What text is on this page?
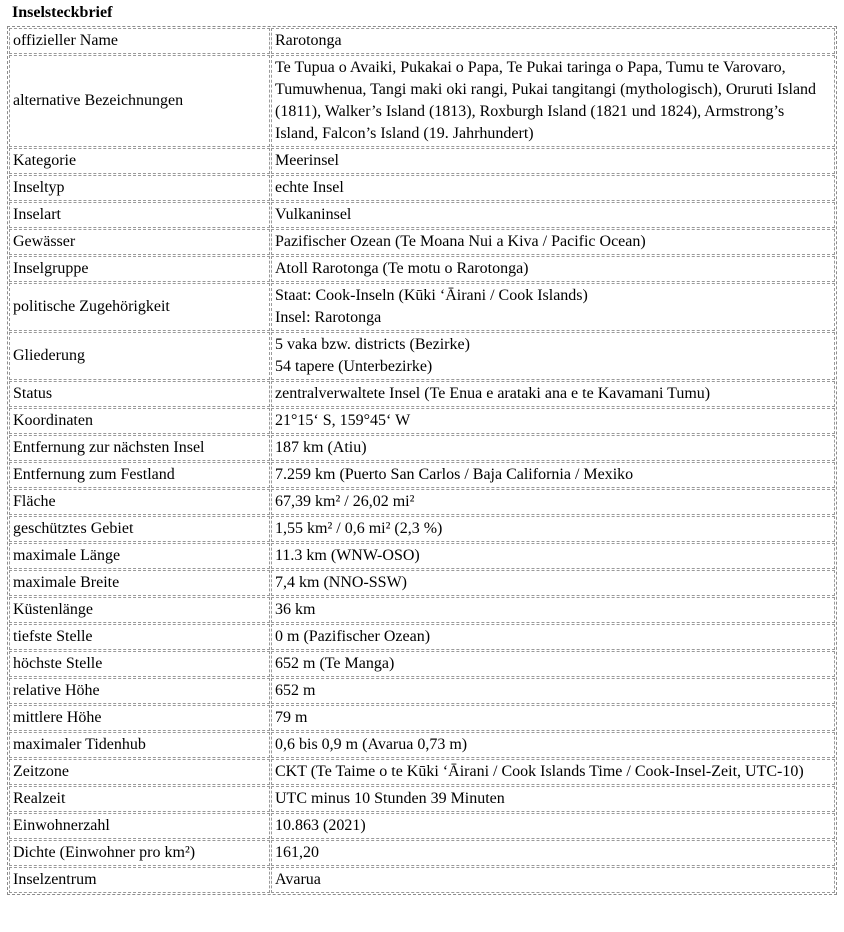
Inselsteckbrief
offizieller Name	Rarotonga
alternative Bezeichnungen	Te Tupua o Avaiki, Pukakai o Papa, Te Pukai taringa o Papa, Tumu te Varovaro, Tumuwhenua, Tangi maki oki rangi, Pukai tangitangi (mythologisch), Oruruti Island (1811), Walker’s Island (1813), Roxburgh Island (1821 und 1824), Armstrong’s Island, Falcon’s Island (19. Jahrhundert)
Kategorie	Meerinsel
Inseltyp	echte Insel
Inselart	Vulkaninsel
Gewässer	Pazifischer Ozean (Te Moana Nui a Kiva / Pacific Ocean)
Inselgruppe	Atoll Rarotonga (Te motu o Rarotonga)
politische Zugehörigkeit	Staat: Cook-Inseln (Kūki ‘Āirani / Cook Islands)
Insel: Rarotonga
Gliederung	5 vaka bzw. districts (Bezirke)
54 tapere (Unterbezirke)
Status	zentralverwaltete Insel (Te Enua e arataki ana e te Kavamani Tumu)
Koordinaten	21°15‘ S, 159°45‘ W
Entfernung zur nächsten Insel	187 km (Atiu)
Entfernung zum Festland	7.259 km (Puerto San Carlos / Baja California / Mexiko
Fläche	67,39 km² / 26,02 mi²
geschütztes Gebiet	1,55 km² / 0,6 mi² (2,3 %)
maximale Länge	11.3 km (WNW-OSO)
maximale Breite	7,4 km (NNO-SSW)
Küstenlänge	36 km
tiefste Stelle	0 m (Pazifischer Ozean)
höchste Stelle	652 m (Te Manga)
relative Höhe	652 m
mittlere Höhe	79 m
maximaler Tidenhub	0,6 bis 0,9 m (Avarua 0,73 m)
Zeitzone	CKT (Te Taime o te Kūki ‘Āirani / Cook Islands Time / Cook-Insel-Zeit, UTC-10)
Realzeit	UTC minus 10 Stunden 39 Minuten
Einwohnerzahl	10.863 (2021)
Dichte (Einwohner pro km²)	161,20
Inselzentrum	Avarua
